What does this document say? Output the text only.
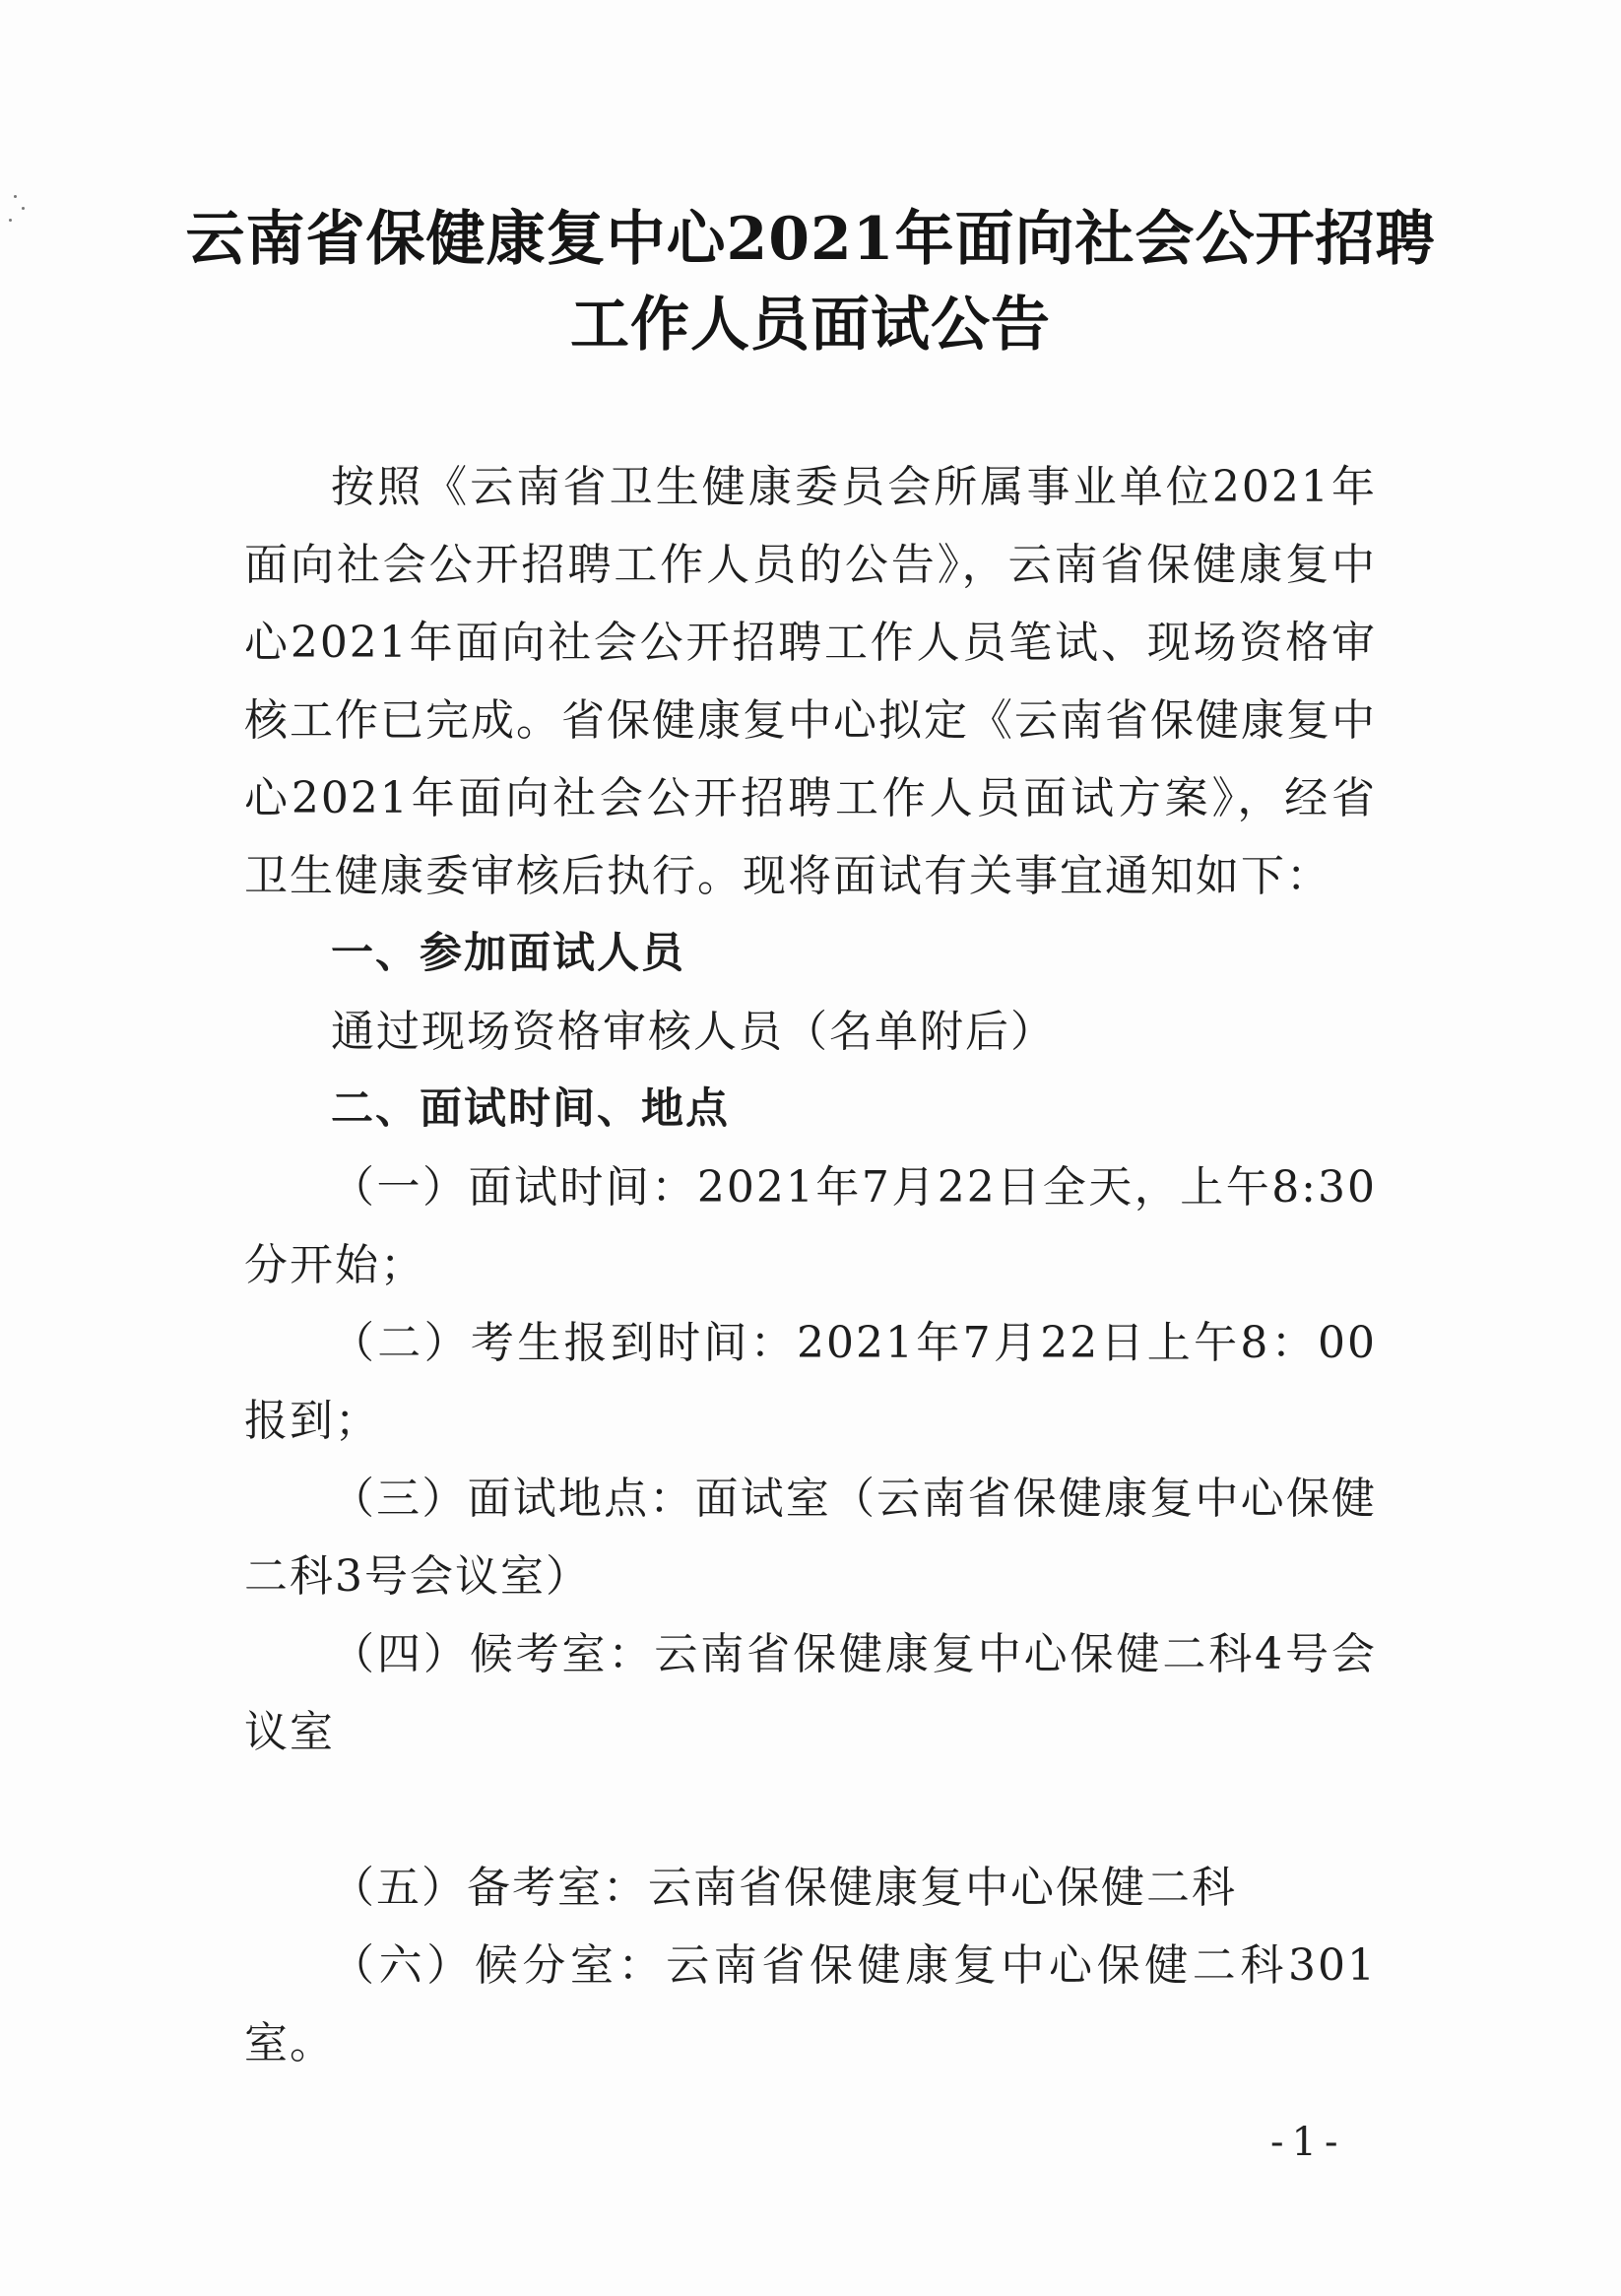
云南省保健康复中心2021年面向社会公开招聘
工作人员面试公告

按照《云南省卫生健康委员会所属事业单位2021年面向社会公开招聘工作人员的公告》，云南省保健康复中心2021年面向社会公开招聘工作人员笔试、现场资格审核工作已完成。省保健康复中心拟定《云南省保健康复中心2021年面向社会公开招聘工作人员面试方案》，经省卫生健康委审核后执行。现将面试有关事宜通知如下：

一、参加面试人员

通过现场资格审核人员（名单附后）

二、面试时间、地点

（一）面试时间：2021年7月22日全天，上午8:30分开始；

（二）考生报到时间：2021年7月22日上午8：00报到；

（三）面试地点：面试室（云南省保健康复中心保健二科3号会议室）

（四）候考室：云南省保健康复中心保健二科4号会议室

（五）备考室：云南省保健康复中心保健二科

（六）候分室：云南省保健康复中心保健二科301室。

-1-
